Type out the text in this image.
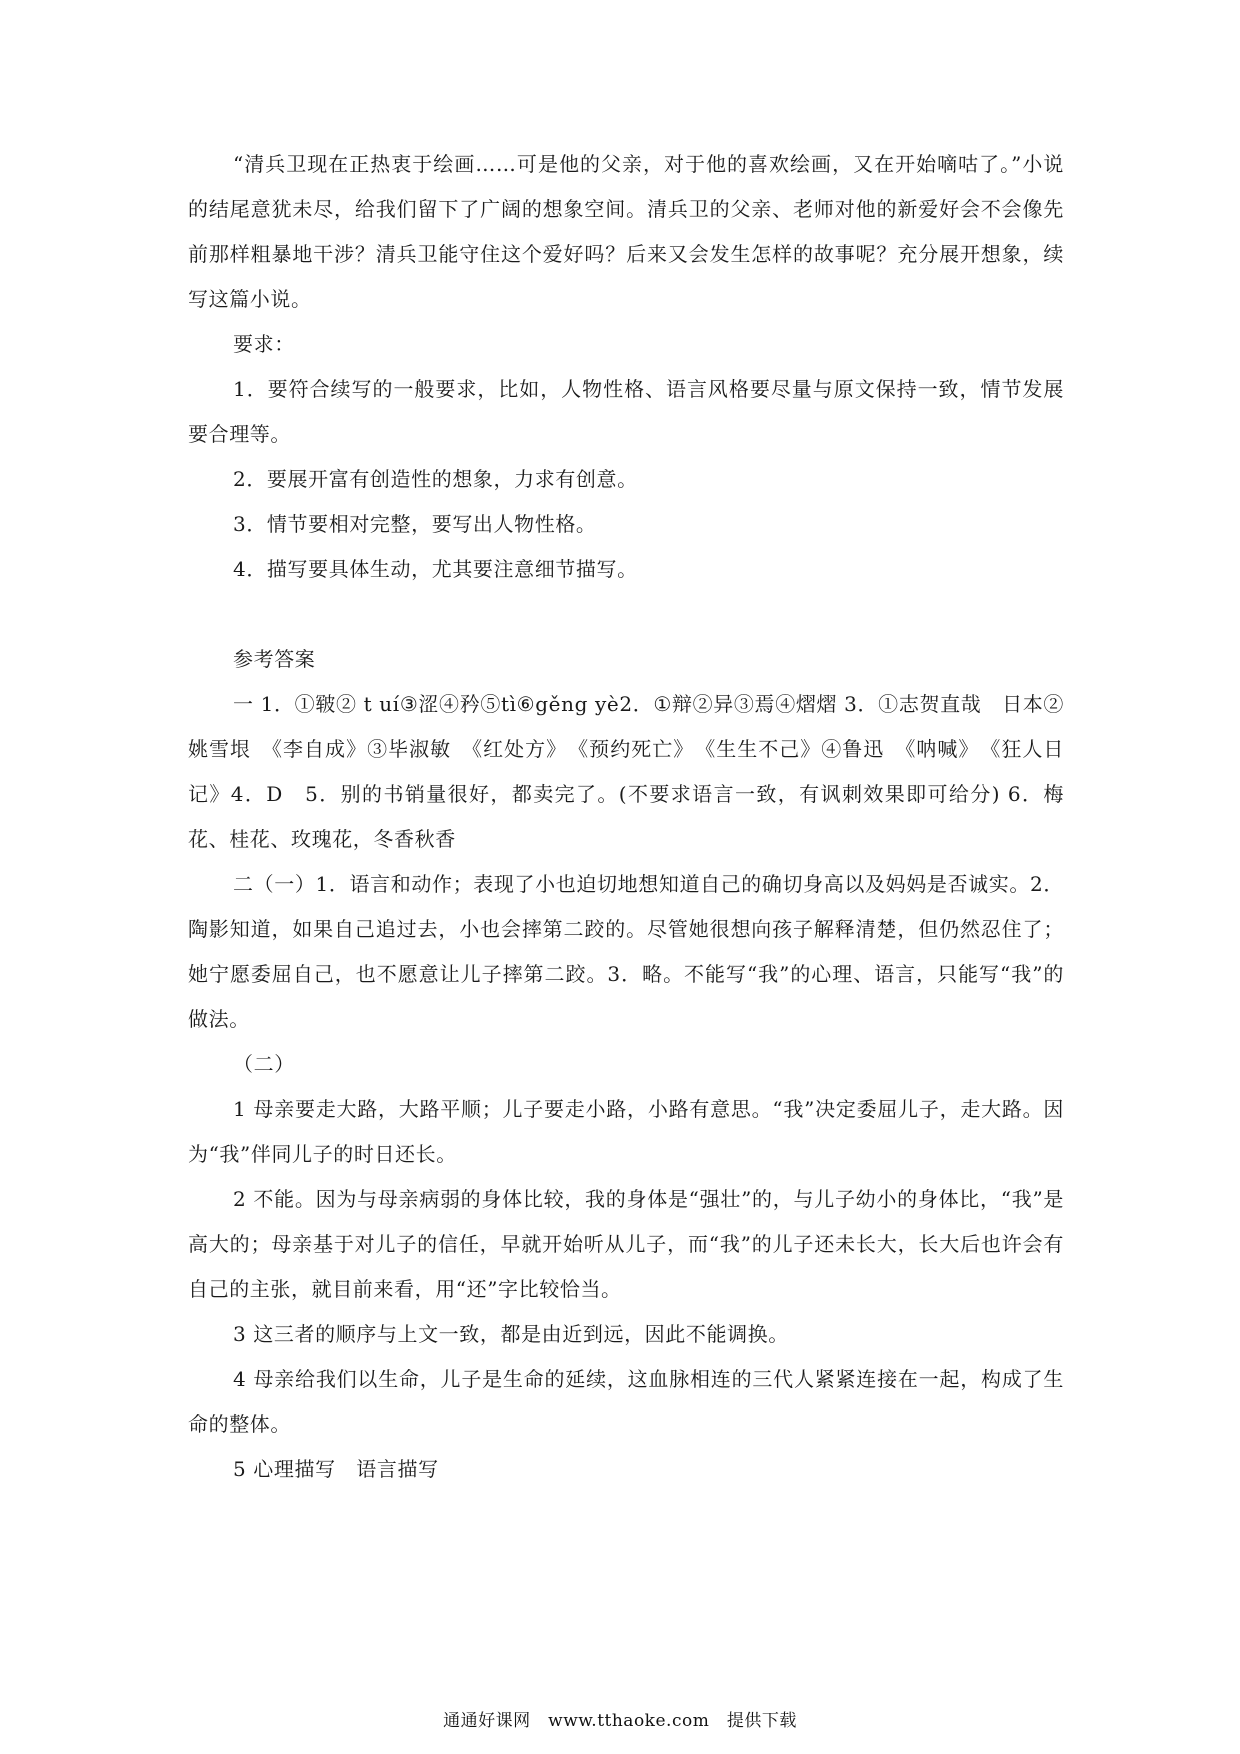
“清兵卫现在正热衷于绘画……可是他的父亲，对于他的喜欢绘画，又在开始嘀咕了。”小说的结尾意犹未尽，给我们留下了广阔的想象空间。清兵卫的父亲、老师对他的新爱好会不会像先前那样粗暴地干涉？清兵卫能守住这个爱好吗？后来又会发生怎样的故事呢？充分展开想象，续写这篇小说。

要求：

1．要符合续写的一般要求，比如，人物性格、语言风格要尽量与原文保持一致，情节发展要合理等。

2．要展开富有创造性的想象，力求有创意。

3．情节要相对完整，要写出人物性格。

4．描写要具体生动，尤其要注意细节描写。

参考答案

一 1．①皲② t uí③涩④矜⑤tì⑥gěng yè2．①辩②异③焉④熠熠 3．①志贺直哉　日本②姚雪垠　《李自成》③毕淑敏　《红处方》　《预约死亡》　《生生不己》④鲁迅　《呐喊》　《狂人日记》4．D　5．别的书销量很好，都卖完了。(不要求语言一致，有讽刺效果即可给分) 6．梅花、桂花、玫瑰花，冬香秋香

二（一）1．语言和动作；表现了小也迫切地想知道自己的确切身高以及妈妈是否诚实。2．陶影知道，如果自己追过去，小也会摔第二跤的。尽管她很想向孩子解释清楚，但仍然忍住了；她宁愿委屈自己，也不愿意让儿子摔第二跤。3．略。不能写“我”的心理、语言，只能写“我”的做法。

（二）

1 母亲要走大路，大路平顺；儿子要走小路，小路有意思。“我”决定委屈儿子，走大路。因为“我”伴同儿子的时日还长。

2 不能。因为与母亲病弱的身体比较，我的身体是“强壮”的，与儿子幼小的身体比，“我”是高大的；母亲基于对儿子的信任，早就开始听从儿子，而“我”的儿子还未长大，长大后也许会有自己的主张，就目前来看，用“还”字比较恰当。

3 这三者的顺序与上文一致，都是由近到远，因此不能调换。

4 母亲给我们以生命，儿子是生命的延续，这血脉相连的三代人紧紧连接在一起，构成了生命的整体。

5 心理描写　语言描写

通通好课网　www.tthaoke.com　提供下载
